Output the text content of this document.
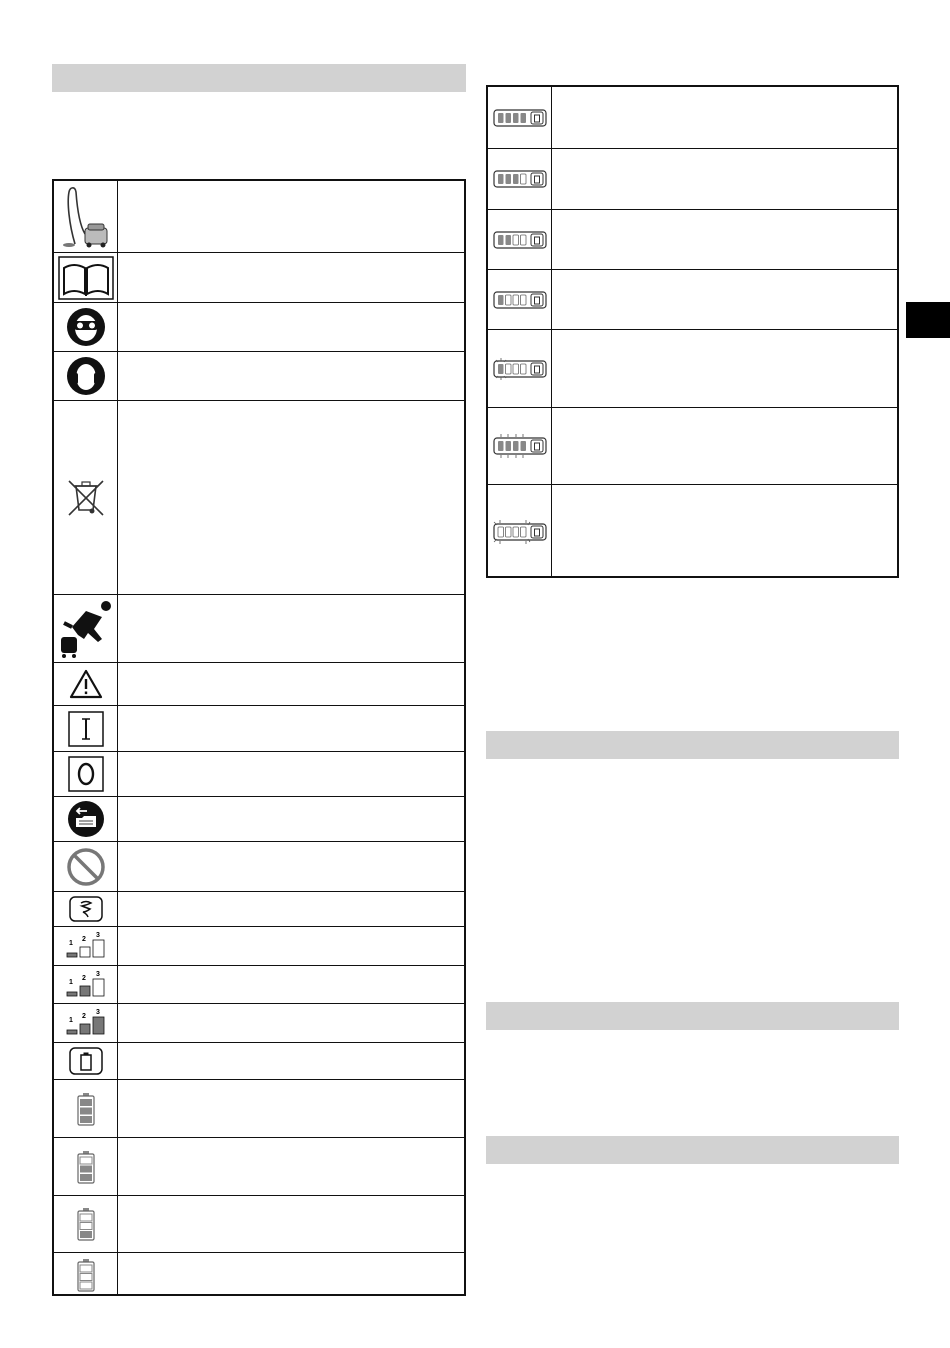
1
2
3
1
2
3
1
2
3
